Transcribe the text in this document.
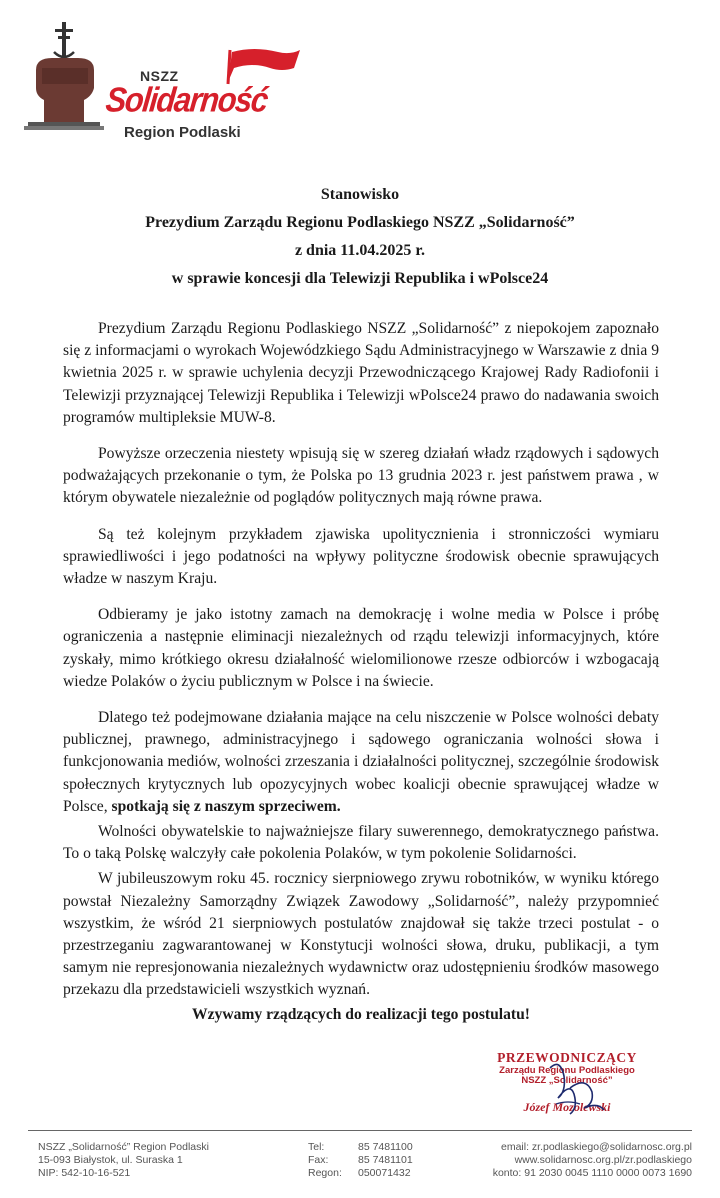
NSZZ
Solidarność
Region Podlaski
Stanowisko
Prezydium Zarządu Regionu Podlaskiego NSZZ „Solidarność”
z dnia 11.04.2025 r.
w sprawie koncesji dla Telewizji Republika i wPolsce24

Prezydium Zarządu Regionu Podlaskiego NSZZ „Solidarność” z niepokojem zapoznało się z informacjami o wyrokach Wojewódzkiego Sądu Administracyjnego w Warszawie z dnia 9 kwietnia 2025 r. w sprawie uchylenia decyzji Przewodniczącego Krajowej Rady Radiofonii i Telewizji przyznającej Telewizji Republika i Telewizji wPolsce24 prawo do nadawania swoich programów multipleksie MUW-8.

Powyższe orzeczenia niestety wpisują się w szereg działań władz rządowych i sądowych podważających przekonanie o tym, że Polska po 13 grudnia 2023 r. jest państwem prawa , w którym obywatele niezależnie od poglądów politycznych mają równe prawa.

Są też kolejnym przykładem zjawiska upolitycznienia i stronniczości wymiaru sprawiedliwości i jego podatności na wpływy polityczne środowisk obecnie sprawujących władze w naszym Kraju.

Odbieramy je jako istotny zamach na demokrację i wolne media w Polsce i próbę ograniczenia a następnie eliminacji niezależnych od rządu telewizji informacyjnych, które zyskały, mimo krótkiego okresu działalność wielomilionowe rzesze odbiorców i wzbogacają wiedze Polaków o życiu publicznym w Polsce i na świecie.

Dlatego też podejmowane działania mające na celu niszczenie w Polsce wolności debaty publicznej, prawnego, administracyjnego i sądowego ograniczania wolności słowa i funkcjonowania mediów, wolności zrzeszania i działalności politycznej, szczególnie środowisk społecznych krytycznych lub opozycyjnych wobec koalicji obecnie sprawującej władze w Polsce, spotkają się z naszym sprzeciwem.

Wolności obywatelskie to najważniejsze filary suwerennego, demokratycznego państwa. To o taką Polskę walczyły całe pokolenia Polaków, w tym pokolenie Solidarności.

W jubileuszowym roku 45. rocznicy sierpniowego zrywu robotników, w wyniku którego powstał Niezależny Samorządny Związek Zawodowy „Solidarność”, należy przypomnieć wszystkim, że wśród 21 sierpniowych postulatów znajdował się także trzeci postulat - o przestrzeganiu zagwarantowanej w Konstytucji wolności słowa, druku, publikacji, a tym samym nie represjonowania niezależnych wydawnictw oraz udostępnieniu środków masowego przekazu dla przedstawicieli wszystkich wyznań.

Wzywamy rządzących do realizacji tego postulatu!

PRZEWODNICZĄCY
Zarządu Regionu Podlaskiego
NSZZ „Solidarność”
Józef Mozolewski
NSZZ „Solidarność” Region Podlaski
15-093 Białystok, ul. Suraska 1
NIP: 542-10-16-521
Tel:
Fax:
Regon:
85 7481100
85 7481101
050071432
email: zr.podlaskiego@solidarnosc.org.pl
www.solidarnosc.org.pl/zr.podlaskiego
konto: 91 2030 0045 1110 0000 0073 1690
